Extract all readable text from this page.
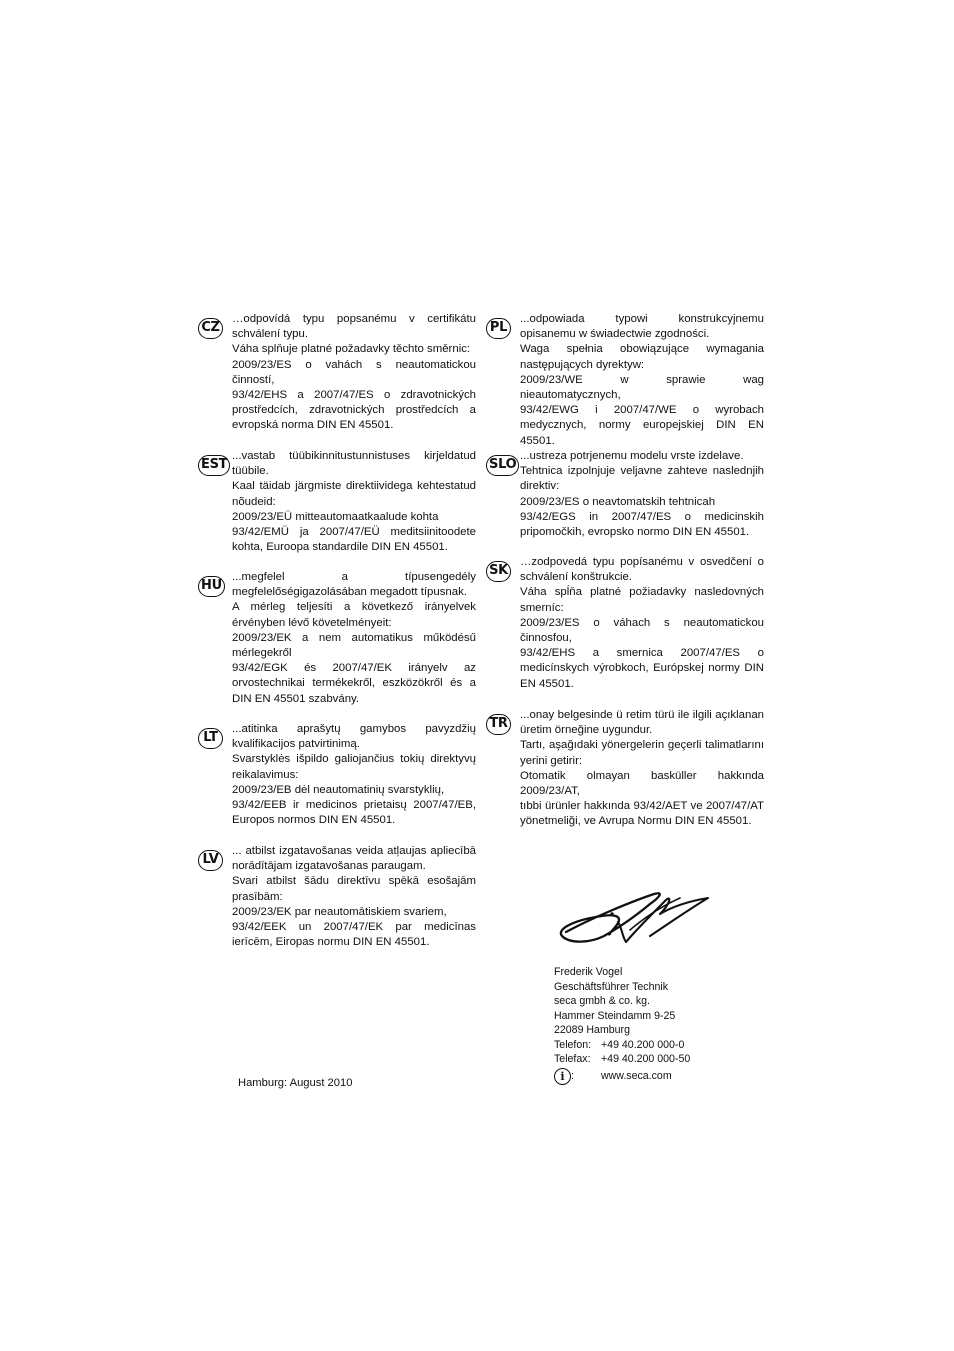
CZ

…odpovídá typu popsanému v certifikátu schválení typu.

Váha splňuje platné požadavky těchto směrnic:

2009/23/ES o vahách s neautomatickou činností,

93/42/EHS a 2007/47/ES o zdravotnických prostředcích, zdravotnických prostředcích a evropská norma DIN EN 45501.

EST

...vastab tüübikinnitustunnistuses kirjeldatud tüübile.

Kaal täidab järgmiste direktiividega kehtestatud nõudeid:

2009/23/EÜ mitteautomaatkaalude kohta

93/42/EMÜ ja 2007/47/EÜ meditsiinitoodete kohta, Euroopa standardile DIN EN 45501.

HU

...megfelel a típusengedély megfelelőségigazolásában megadott típusnak.

A mérleg teljesíti a következő irányelvek érvényben lévő követelményeit:

2009/23/EK a nem automatikus működésű mérlegekről

93/42/EGK és 2007/47/EK irányelv az orvostechnikai termékekről, eszközökről és a DIN EN 45501 szabvány.

LT

...atitinka aprašytų gamybos pavyzdžių kvalifikacijos patvirtinimą.

Svarstyklės išpildo galiojančius tokių direktyvų reikalavimus:

2009/23/EB dėl neautomatinių svarstyklių,

93/42/EEB ir medicinos prietaisų 2007/47/EB, Europos normos DIN EN 45501.

LV

... atbilst izgatavošanas veida atļaujas apliecībā norādītājam izgatavošanas paraugam.

Svari atbilst šādu direktīvu spēkā esošajām prasībām:

2009/23/EK par neautomātiskiem svariem,

93/42/EEK un 2007/47/EK par medicīnas ierīcēm, Eiropas normu DIN EN 45501.

PL

...odpowiada typowi konstrukcyjnemu opisanemu w świadectwie zgodności.

Waga spełnia obowiązujące wymagania następujących dyrektyw:

2009/23/WE w sprawie wag nieautomatycznych,

93/42/EWG i 2007/47/WE o wyrobach medycznych, normy europejskiej DIN EN 45501.

SLO

...ustreza potrjenemu modelu vrste izdelave.

Tehtnica izpolnjuje veljavne zahteve naslednjih direktiv:

2009/23/ES o neavtomatskih tehtnicah

93/42/EGS in 2007/47/ES o medicinskih pripomočkih, evropsko normo DIN EN 45501.

SK

…zodpovedá typu popísanému v osvedčení o schválení konštrukcie.

Váha spĺňa platné požiadavky nasledovných smerníc:

2009/23/ES o váhach s neautomatickou činnosfou,

93/42/EHS a smernica 2007/47/ES o medicínskych výrobkoch, Európskej normy DIN EN 45501.

TR

...onay belgesinde ü retim türü ile ilgili açıklanan üretim örneğine uygundur.

Tartı, aşağıdaki yönergelerin geçerli talimatlarını yerini getirir:

Otomatik olmayan basküller hakkında 2009/23/AT,

tıbbi ürünler hakkında 93/42/AET ve 2007/47/AT yönetmeliği, ve Avrupa Normu DIN EN 45501.

Frederik Vogel
Geschäftsführer Technik
seca gmbh & co. kg.
Hammer Steindamm 9-25
22089 Hamburg
Telefon: +49 40.200 000-0
Telefax: +49 40.200 000-50
i :	www.seca.com
Hamburg: August 2010
